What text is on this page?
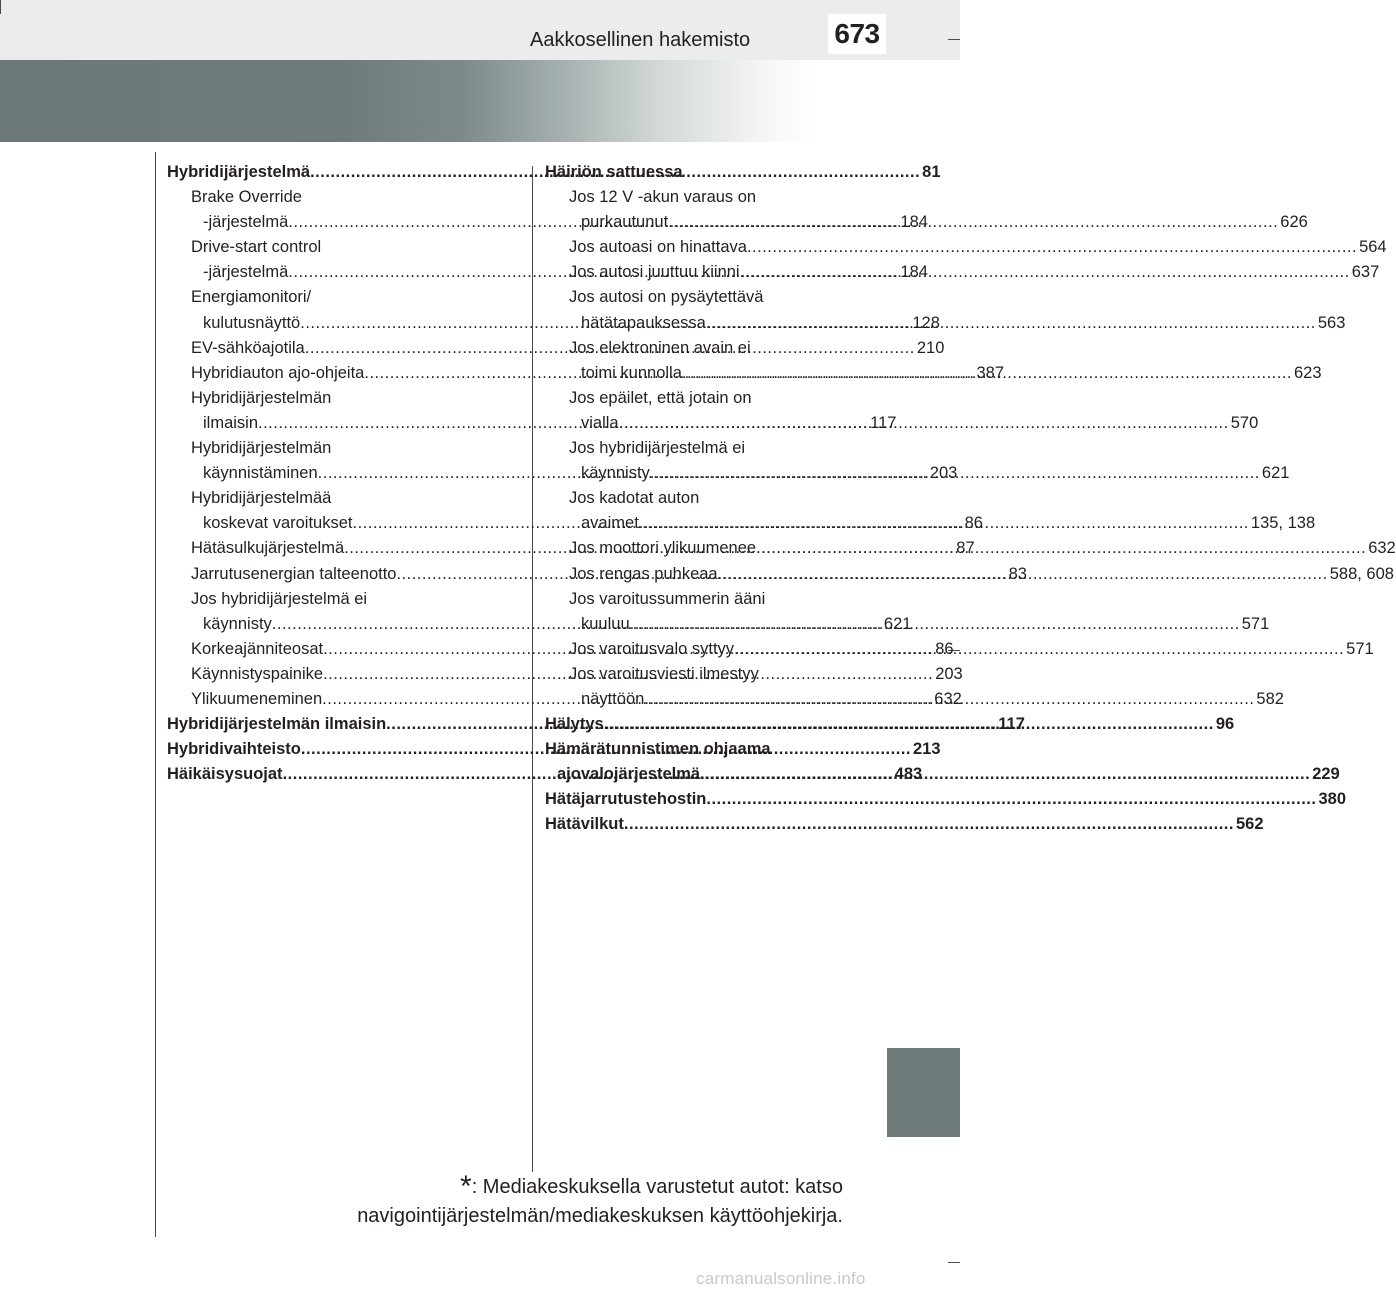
Aakkosellinen hakemisto	673
Hybridijärjestelmä .....	81
Brake Override
-järjestelmä .....	184
Drive-start control
-järjestelmä .....	184
Energiamonitori/
kulutusnäyttö .....	128
EV-sähköajotila .....	210
Hybridiauton ajo-ohjeita .....	387
Hybridijärjestelmän
ilmaisin .....	117
Hybridijärjestelmän
käynnistäminen .....	203
Hybridijärjestelmää
koskevat varoitukset .....	86
Hätäsulkujärjestelmä .....	87
Jarrutusenergian talteenotto .....	83
Jos hybridijärjestelmä ei
käynnisty .....	621
Korkeajänniteosat .....	86
Käynnistyspainike .....	203
Ylikuumeneminen .....	632
Hybridijärjestelmän ilmaisin .....	117
Hybridivaihteisto .....	213
Häikäisysuojat .....	483
Häiriön sattuessa
Jos 12 V -akun varaus on
purkautunut .....	626
Jos autoasi on hinattava .....	564
Jos autosi juuttuu kiinni .....	637
Jos autosi on pysäytettävä
hätätapauksessa .....	563
Jos elektroninen avain ei
toimi kunnolla .....	623
Jos epäilet, että jotain on
vialla .....	570
Jos hybridijärjestelmä ei
käynnisty .....	621
Jos kadotat auton
avaimet .....	135, 138
Jos moottori ylikuumenee .....	632
Jos rengas puhkeaa .....	588, 608
Jos varoitussummerin ääni
kuuluu .....	571
Jos varoitusvalo syttyy .....	571
Jos varoitusviesti ilmestyy
näyttöön .....	582
Hälytys .....	96
Hämärätunnistimen ohjaama
ajovalojärjestelmä .....	229
Hätäjarrutustehostin .....	380
Hätävilkut .....	562
*: Mediakeskuksella varustetut autot: katso
navigointijärjestelmän/mediakeskuksen käyttöohjekirja.
carmanualsonline.info
